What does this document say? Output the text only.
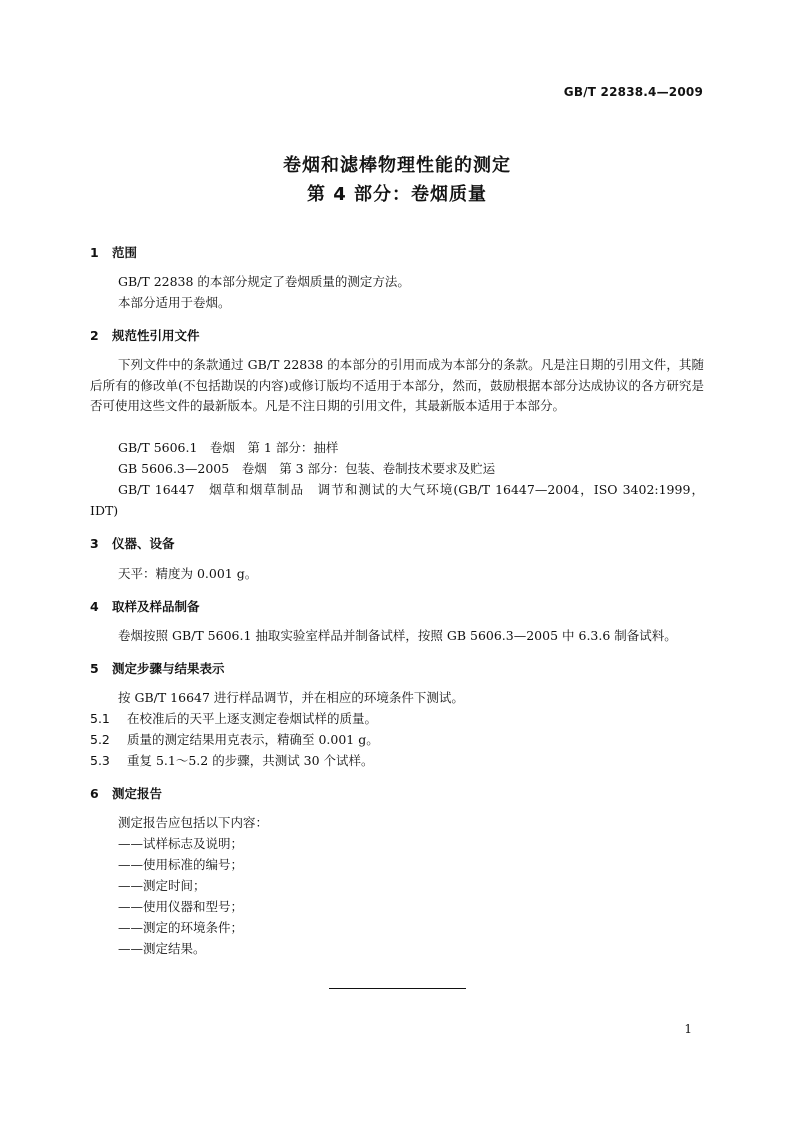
GB/T 22838.4—2009
卷烟和滤棒物理性能的测定
第 4 部分：卷烟质量
1 范围
GB/T 22838 的本部分规定了卷烟质量的测定方法。
本部分适用于卷烟。
2 规范性引用文件
下列文件中的条款通过 GB/T 22838 的本部分的引用而成为本部分的条款。凡是注日期的引用文件，其随后所有的修改单(不包括勘误的内容)或修订版均不适用于本部分，然而，鼓励根据本部分达成协议的各方研究是否可使用这些文件的最新版本。凡是不注日期的引用文件，其最新版本适用于本部分。
GB/T 5606.1　卷烟　第 1 部分：抽样
GB 5606.3—2005　卷烟　第 3 部分：包装、卷制技术要求及贮运
GB/T 16447　烟草和烟草制品　调节和测试的大气环境(GB/T 16447—2004，ISO 3402:1999，IDT)
3 仪器、设备
天平：精度为 0.001 g。
4 取样及样品制备
卷烟按照 GB/T 5606.1 抽取实验室样品并制备试样，按照 GB 5606.3—2005 中 6.3.6 制备试料。
5 测定步骤与结果表示
按 GB/T 16647 进行样品调节，并在相应的环境条件下测试。
5.1 在校准后的天平上逐支测定卷烟试样的质量。
5.2 质量的测定结果用克表示，精确至 0.001 g。
5.3 重复 5.1～5.2 的步骤，共测试 30 个试样。
6 测定报告
测定报告应包括以下内容：
——试样标志及说明；
——使用标准的编号；
——测定时间；
——使用仪器和型号；
——测定的环境条件；
——测定结果。
1
